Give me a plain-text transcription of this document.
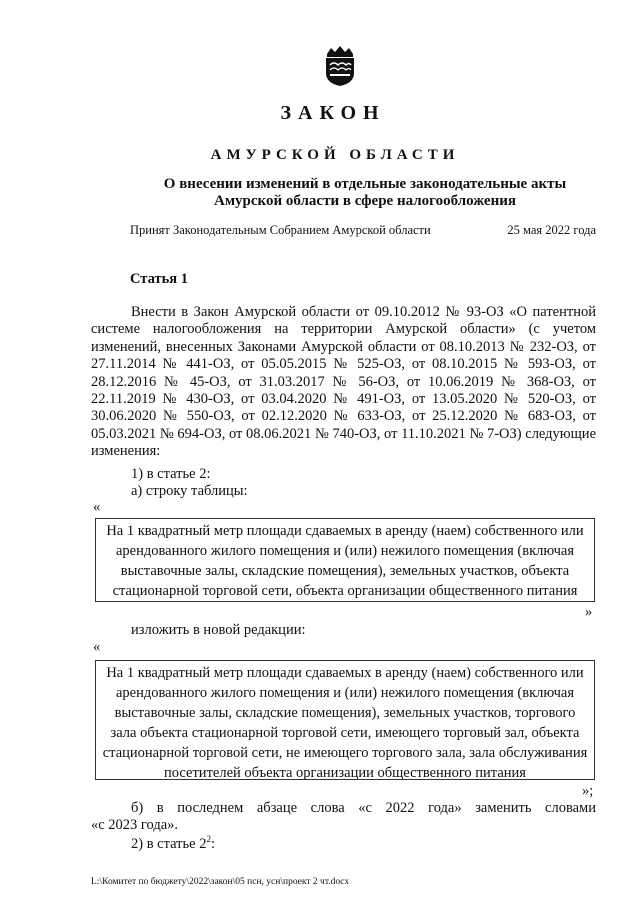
ЗАКОН
АМУРСКОЙ ОБЛАСТИ
О внесении изменений в отдельные законодательные акты
Амурской области в сфере налогообложения
Принят Законодательным Собранием Амурской области	25 мая 2022 года
Статья 1
Внести в Закон Амурской области от 09.10.2012 № 93-ОЗ «О патентной системе налогообложения на территории Амурской области» (с учетом изменений, внесенных Законами Амурской области от 08.10.2013 № 232-ОЗ, от 27.11.2014 № 441-ОЗ, от 05.05.2015 № 525-ОЗ, от 08.10.2015 № 593-ОЗ, от 28.12.2016 № 45-ОЗ, от 31.03.2017 № 56-ОЗ, от 10.06.2019 № 368-ОЗ, от 22.11.2019 № 430-ОЗ, от 03.04.2020 № 491-ОЗ, от 13.05.2020 № 520-ОЗ, от 30.06.2020 № 550-ОЗ, от 02.12.2020 № 633-ОЗ, от 25.12.2020 № 683-ОЗ, от 05.03.2021 № 694-ОЗ, от 08.06.2021 № 740-ОЗ, от 11.10.2021 № 7-ОЗ) следующие изменения:
1) в статье 2:
а) строку таблицы:
«
На 1 квадратный метр площади сдаваемых в аренду (наем) собственного или арендованного жилого помещения и (или) нежилого помещения (включая выставочные залы, складские помещения), земельных участков, объекта стационарной торговой сети, объекта организации общественного питания
»
изложить в новой редакции:
«
На 1 квадратный метр площади сдаваемых в аренду (наем) собственного или арендованного жилого помещения и (или) нежилого помещения (включая выставочные залы, складские помещения), земельных участков, торгового зала объекта стационарной торговой сети, имеющего торговый зал, объекта стационарной торговой сети, не имеющего торгового зала, зала обслуживания посетителей объекта организации общественного питания
»;
б) в последнем абзаце слова «с 2022 года» заменить словами
«с 2023 года».
2) в статье $2^2$:
L:\Комитет по бюджету\2022\закон\05 псн, усн\проект 2 чт.docx
